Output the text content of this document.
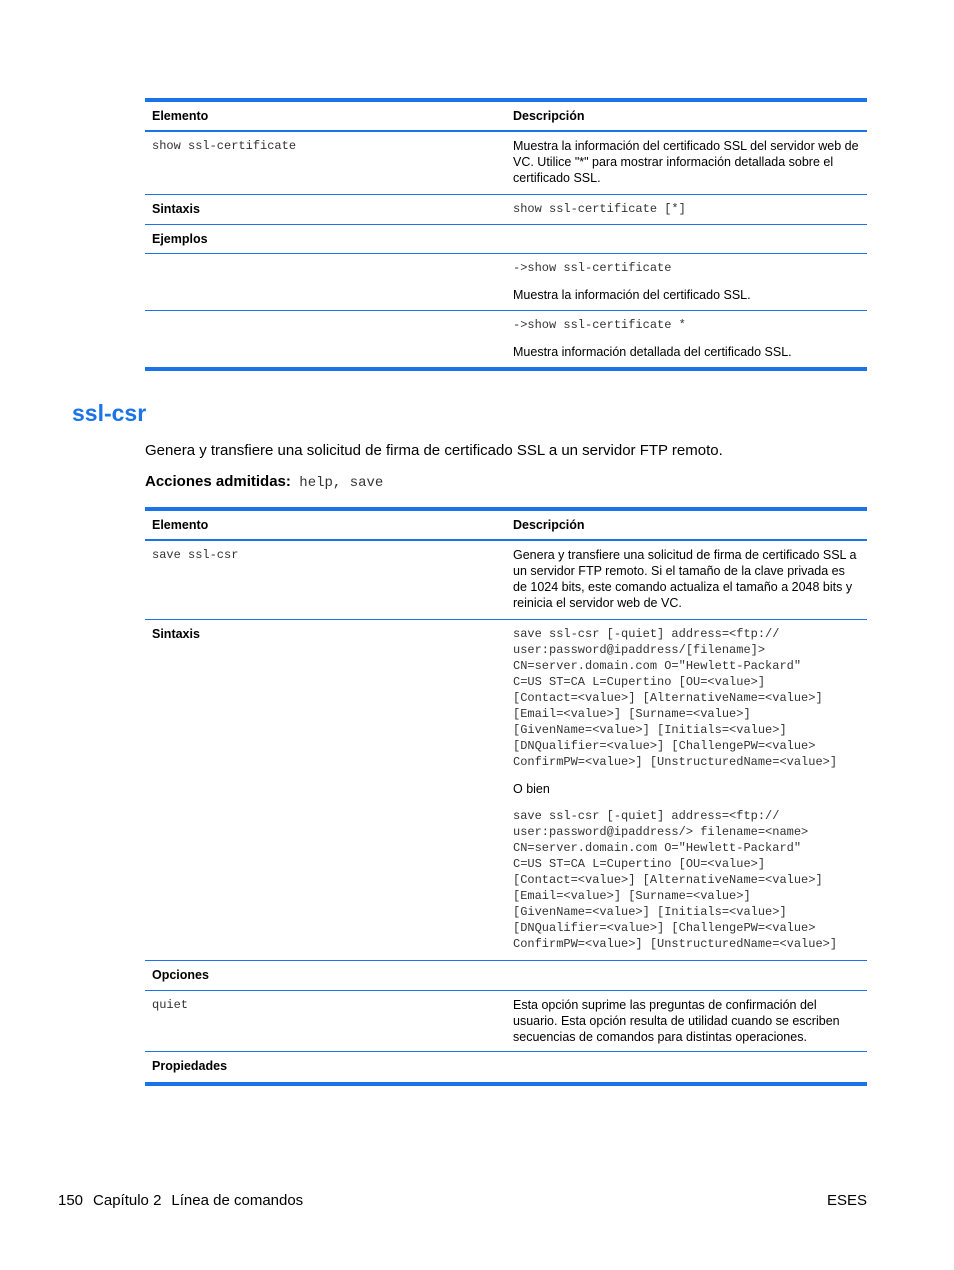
Elemento	Descripción
show ssl-certificate	Muestra la información del certificado SSL del servidor web de VC. Utilice "*" para mostrar información detallada sobre el certificado SSL.
Sintaxis	show ssl-certificate [*]
Ejemplos
->show ssl-certificate
Muestra la información del certificado SSL.
->show ssl-certificate *
Muestra información detallada del certificado SSL.
ssl-csr
Genera y transfiere una solicitud de firma de certificado SSL a un servidor FTP remoto.
Acciones admitidas: help, save
Elemento	Descripción
save ssl-csr	Genera y transfiere una solicitud de firma de certificado SSL a un servidor FTP remoto. Si el tamaño de la clave privada es de 1024 bits, este comando actualiza el tamaño a 2048 bits y reinicia el servidor web de VC.
Sintaxis	save ssl-csr [-quiet] address=<ftp://
user:password@ipaddress/[filename]>
CN=server.domain.com O="Hewlett-Packard"
C=US ST=CA L=Cupertino [OU=<value>]
[Contact=<value>] [AlternativeName=<value>]
[Email=<value>] [Surname=<value>]
[GivenName=<value>] [Initials=<value>]
[DNQualifier=<value>] [ChallengePW=<value>
ConfirmPW=<value>] [UnstructuredName=<value>]
O bien
save ssl-csr [-quiet] address=<ftp://
user:password@ipaddress/> filename=<name>
CN=server.domain.com O="Hewlett-Packard"
C=US ST=CA L=Cupertino [OU=<value>]
[Contact=<value>] [AlternativeName=<value>]
[Email=<value>] [Surname=<value>]
[GivenName=<value>] [Initials=<value>]
[DNQualifier=<value>] [ChallengePW=<value>
ConfirmPW=<value>] [UnstructuredName=<value>]
Opciones
quiet	Esta opción suprime las preguntas de confirmación del usuario. Esta opción resulta de utilidad cuando se escriben secuencias de comandos para distintas operaciones.
Propiedades
150 Capítulo 2 Línea de comandos	ESES
